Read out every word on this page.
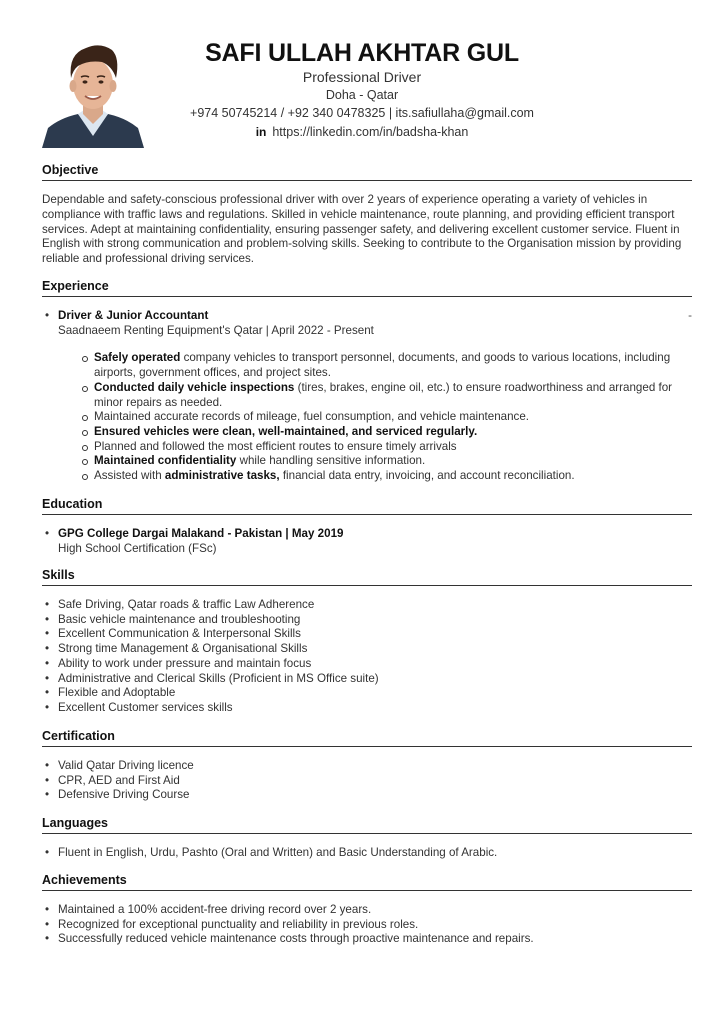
SAFI ULLAH AKHTAR GUL
Professional Driver
Doha - Qatar
+974 50745214 / +92 340 0478325 | its.safiullaha@gmail.com
in https://linkedin.com/in/badsha-khan
Objective
Dependable and safety-conscious professional driver with over 2 years of experience operating a variety of vehicles in compliance with traffic laws and regulations. Skilled in vehicle maintenance, route planning, and providing efficient transport services. Adept at maintaining confidentiality, ensuring passenger safety, and delivering excellent customer service. Fluent in English with strong communication and problem-solving skills. Seeking to contribute to the Organisation mission by providing reliable and professional driving services.
Experience
• Driver & Junior Accountant	-

Saadnaeem Renting Equipment's Qatar | April 2022 - Present
Safely operated company vehicles to transport personnel, documents, and goods to various locations, including airports, government offices, and project sites.
Conducted daily vehicle inspections (tires, brakes, engine oil, etc.) to ensure roadworthiness and arranged for minor repairs as needed.
Maintained accurate records of mileage, fuel consumption, and vehicle maintenance.
Ensured vehicles were clean, well-maintained, and serviced regularly.
Planned and followed the most efficient routes to ensure timely arrivals
Maintained confidentiality while handling sensitive information.
Assisted with administrative tasks, financial data entry, invoicing, and account reconciliation.
Education
• GPG College Dargai Malakand - Pakistan | May 2019
High School Certification (FSc)
Skills
• Safe Driving, Qatar roads & traffic Law Adherence
• Basic vehicle maintenance and troubleshooting
• Excellent Communication & Interpersonal Skills
• Strong time Management & Organisational Skills
• Ability to work under pressure and maintain focus
• Administrative and Clerical Skills (Proficient in MS Office suite)
• Flexible and Adoptable
• Excellent Customer services skills
Certification
• Valid Qatar Driving licence
• CPR, AED and First Aid
• Defensive Driving Course
Languages
• Fluent in English, Urdu, Pashto (Oral and Written) and Basic Understanding of Arabic.
Achievements
• Maintained a 100% accident-free driving record over 2 years.
• Recognized for exceptional punctuality and reliability in previous roles.
• Successfully reduced vehicle maintenance costs through proactive maintenance and repairs.
